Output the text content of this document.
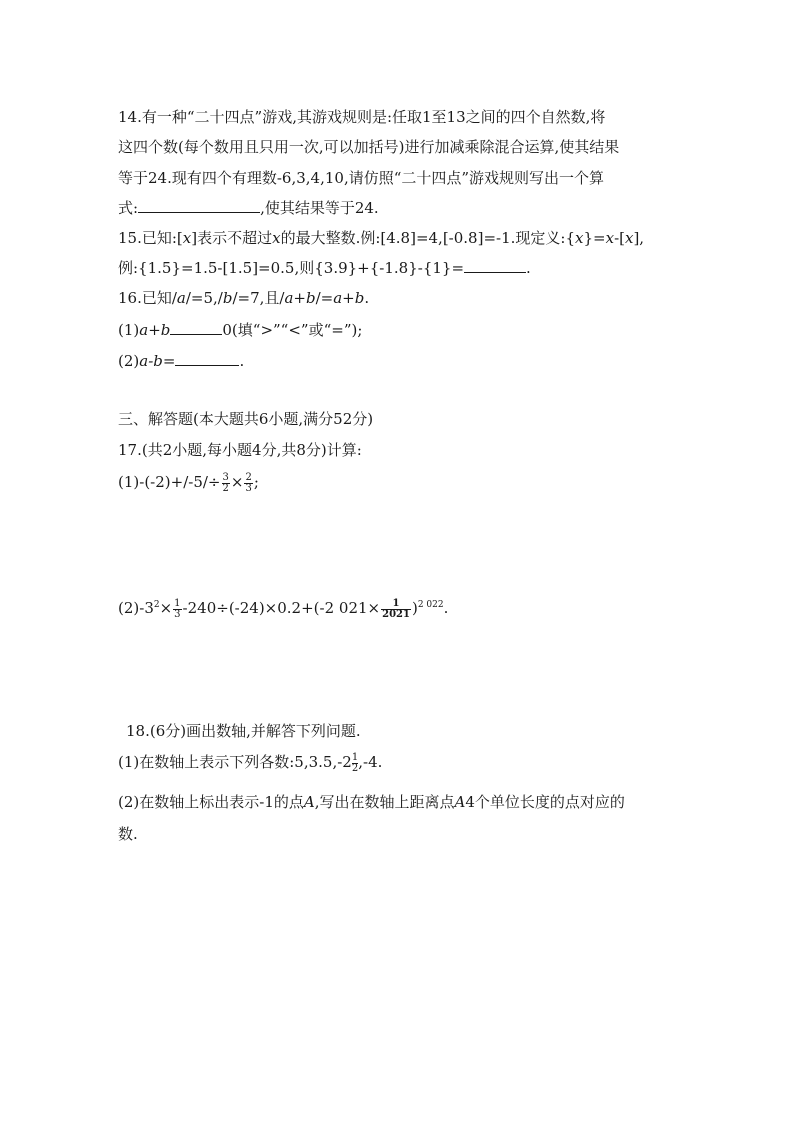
14.有一种“二十四点”游戏,其游戏规则是:任取1至13之间的四个自然数,将
这四个数(每个数用且只用一次,可以加括号)进行加减乘除混合运算,使其结果
等于24.现有四个有理数-6,3,4,10,请仿照“二十四点”游戏规则写出一个算
式:	,使其结果等于24.
15.已知:[x]表示不超过x的最大整数.例:[4.8]=4,[-0.8]=-1.现定义:{x}=x-[x],
例:{1.5}=1.5-[1.5]=0.5,则{3.9}+{-1.8}-{1}=	.
16.已知/a/=5,/b/=7,且/a+b/=a+b.
(1)a+b	0(填“>”“<”或“=”);
(2)a-b=	.
三、解答题(本大题共6小题,满分52分)
17.(共2小题,每小题4分,共8分)计算:
$(1)-(-2)+/-5/\div \frac{3}{2} \times \frac{2}{3}$ ;
$(2)-3^2\times \frac{1}{3} -240\div(-24)\times 0.2+(-2$ $021\times \frac{1}{2021} )^{2 022}$.
18.(6分)画出数轴,并解答下列问题.
(1)在数轴上表示下列各数:5,3.5,-2 $\frac{1}{2},-4$.
(2)在数轴上标出表示-1的点A,写出在数轴上距离点A4个单位长度的点对应的
数.
